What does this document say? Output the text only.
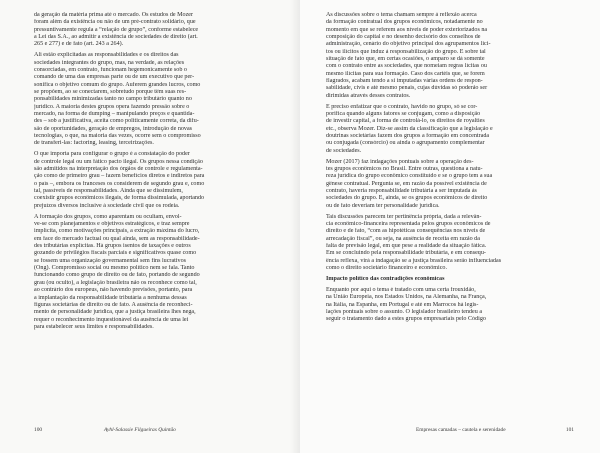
da geração da matéria prima até o mercado. Os estudos de Mozer
foram além da existência ou não de um pré-contrato solidário, que
pressuntivamente regula a “relação de grupo”, conforme estabelece
a Lei das S.A., ao admitir a existência de sociedades de direito (art.
265 e 277) e de fato (art. 243 a 264).
Ali estão explicitadas as responsabilidades e os direitos das
sociedades integrantes do grupo, mas, na verdade, as relações
consorciadas, em contrato, funcionam hegemonicamente sob o
comando de uma das empresas parte ou de um executivo que per-
sonifica o objetivo comum do grupo. Au​ferem grandes lucros, como
se propõem, ao se conectarem, sobretudo porque têm suas res-
ponsabilidades minimizadas tanto no campo tributário quanto no
jurídico. A maioria destes grupos opera fazendo pressão sobre o
mercado, na forma de dumping – manipulando preços e quantida-
des – sob a justificativa, aceita como politicamente correta, da difu-
são de oportunidades, geração de empregos, introdução de novas
tecnologias, o que, na maioria das vezes, ocorre sem o compromisso
de transferi-las: factoring, leasing, terceirizações.
O que importa para configurar o grupo é a constatação do poder
de controle legal ou um fático pacto ilegal. Os grupos nessa condição
são admitidos na interpretação dos órgãos de controle e regulamenta-
ção como de primeiro grau – fazem benefícios diretos e indiretos para
o país –, embora os franceses os considerem de segundo grau e, como
tal, passíveis de responsabilidades. Ainda que se dissimulem,
coexistir grupos econômicos ilegais, de forma dissimulada, aportando
prejuízos diversos inclusive à sociedade civil que os rodeia.
A formação dos grupos, como aparentam ou ocultam, envol-
ve-se com planejamentos e objetivos estratégicos, e traz sempre
implícita, como motivações principais, a extração máxima do lucro,
em face do mercado factual ou qual ainda, sem as responsabilidade-
des tributárias explícitas. Há grupos isentos de taxações e outros
gozando de privilégios fiscais parciais e significativos quase como
se fossem uma organização governamental sem fins lucrativos
(Ong). Compromisso social ou mesmo político nem se fala. Tanto
funcionando como grupo de direito ou de fato, portando de segundo
grau (ou oculto), a legislação brasileira não os reconhece como tal,
ao contrário dos europeus, não havendo previsões, portanto, para
a implantação da responsabilidade tributária a nenhuma dessas
figuras societárias de direito ou de fato. A ausência de reconheci-
mento de personalidade jurídica, que a justiça brasileira lhes nega,
requer o reconhecimento inquestionável da ausência de uma lei
para estabelecer seus limites e responsabilidades.
100	Ayhl-Salassie Filgueiras Quintão
As discussões sobre o tema chamam sempre à reflexão acerca
da formação contratual dos grupos econômicos, notadamente no
momento em que se referem aos níveis de poder exteriorizados na
composição do capital e no desenho decisório dos conselhos de
administração, cenário do objetivo principal dos agrupamentos lici-
tos ou ilícitos que induz à responsabilização do grupo. É sobre tal
situação de fato que, em certas ocasiões, o amparo se dá somente
com o contrato entre as sociedades, que nomeiam regras lícitas ou
mesmo ilícitas para sua formação. Caso dos cartéis que, se forem
flagrados, acabam tendo a si imputadas várias ordens de respon-
sabilidade, civis e até mesmo penais, cujas dúvidas só poderão ser
dirimidas através desses contratos.
É preciso enfatizar que o contrato, havido no grupo, só se cor-
porifica quando alguns fatores se conjugam, como a disposição
de investir capital, a forma de controlá-lo, os direitos de royalties
etc., observa Mozer. Diz-se assim da classificação que a legislação e
doutrinas societárias fazem dos grupos a formação em concentrada
ou conjugada (consórcio) ou ainda o agrupamento complementar
de sociedades.
Mozer (2017) faz indagações pontuais sobre a operação des-
tes grupos econômicos no Brasil. Entre outras, questiona a natu-
reza jurídica do grupo econômico constituído e se o grupo tem a sua
gênese contratual. Pergunta se, em razão da possível existência de
contrato, haveria responsabilidade tributária a ser imputada às
sociedades do grupo. E, ainda, se os grupos econômicos de direito
ou de fato deveriam ter personalidade jurídica.
Tais discussões parecem ter pertinência própria, dada a relevân-
cia econômico-financeira representada pelos grupos econômicos de
direito e de fato, “com as hipotéticas consequências nos níveis de
arrecadação fiscal”, ou seja, na ausência de receita em razão da
falta de previsão legal, em que pese a realidade da situação fática.
Em se concluindo pela responsabilidade tributária, e em consequ-
ência reflexa, virá a indagação se a justiça brasileira serão influenciadas
como o direito societário financeiro e econômico.
Impacto político das contradições econômicas
Enquanto por aqui o tema é tratado com uma certa frouxidão,
na União Europeia, nos Estados Unidos, na Alemanha, na França,
na Itália, na Espanha, em Portugal e até em Marrocos há legis-
lações pontuais sobre o assunto. O legislador brasileiro tendeu a
seguir o tratamento dado a estes grupos empresariais pelo Código
Empresas camadas – cautela e serenidade	101
